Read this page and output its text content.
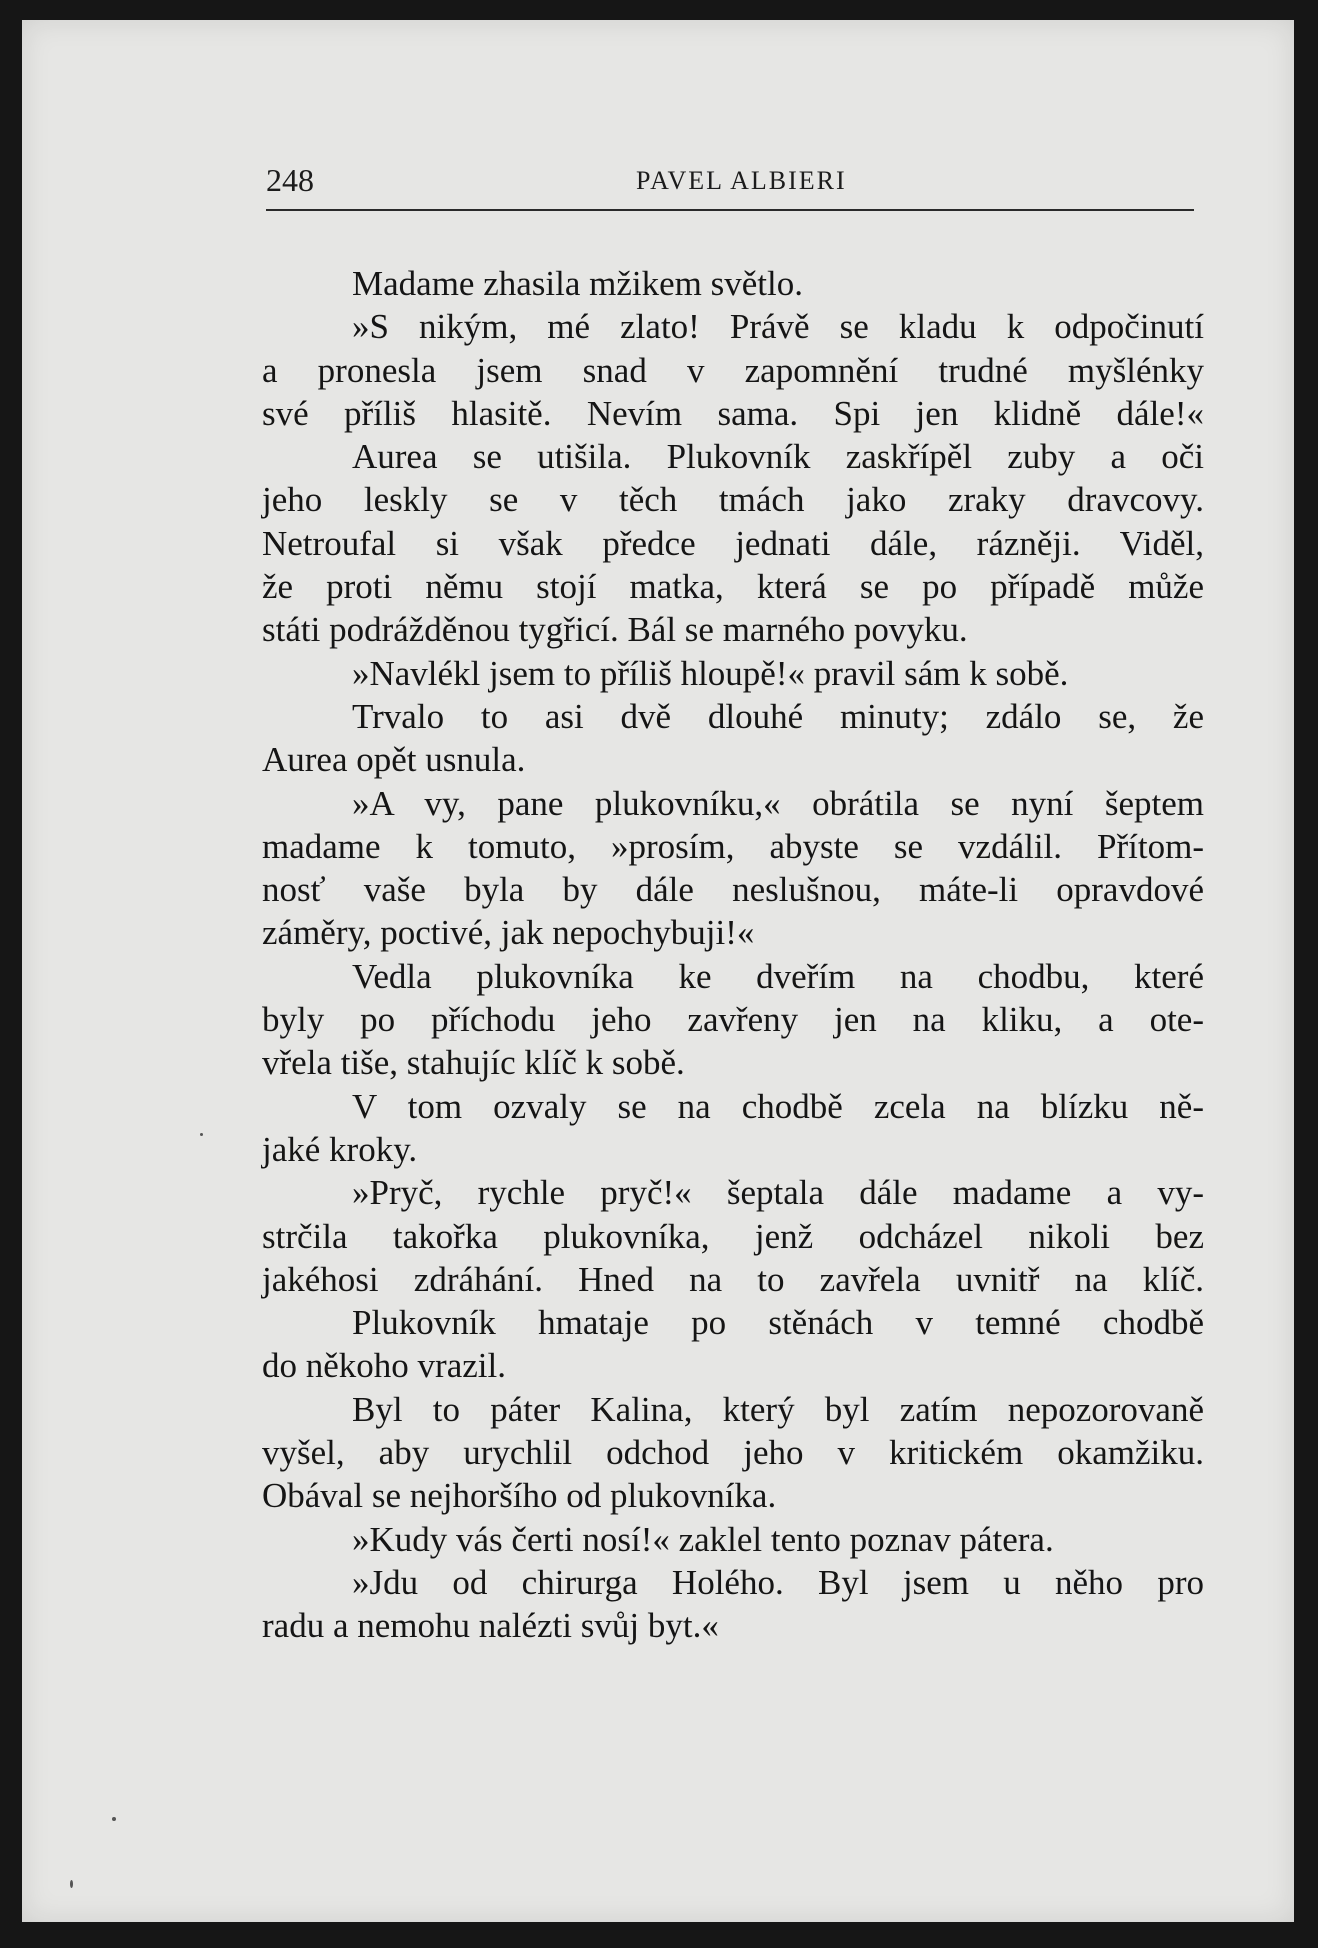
248	PAVEL ALBIERI
Madame zhasila mžikem světlo.
»S nikým, mé zlato! Právě se kladu k odpočinutí
a pronesla jsem snad v zapomnění trudné myšlénky
své příliš hlasitě. Nevím sama. Spi jen klidně dále!«
Aurea se utišila. Plukovník zaskřípěl zuby a oči
jeho leskly se v těch tmách jako zraky dravcovy.
Netroufal si však předce jednati dále, rázněji. Viděl,
že proti němu stojí matka, která se po případě může
státi podrážděnou tygřicí. Bál se marného povyku.
»Navlékl jsem to příliš hloupě!« pravil sám k sobě.
Trvalo to asi dvě dlouhé minuty; zdálo se, že
Aurea opět usnula.
»A vy, pane plukovníku,« obrátila se nyní šeptem
madame k tomuto, »prosím, abyste se vzdálil. Přítom-
nosť vaše byla by dále neslušnou, máte-li opravdové
záměry, poctivé, jak nepochybuji!«
Vedla plukovníka ke dveřím na chodbu, které
byly po příchodu jeho zavřeny jen na kliku, a ote-
vřela tiše, stahujíc klíč k sobě.
V tom ozvaly se na chodbě zcela na blízku ně-
jaké kroky.
»Pryč, rychle pryč!« šeptala dále madame a vy-
strčila takořka plukovníka, jenž odcházel nikoli bez
jakéhosi zdráhání. Hned na to zavřela uvnitř na klíč.
Plukovník hmataje po stěnách v temné chodbě
do někoho vrazil.
Byl to páter Kalina, který byl zatím nepozorovaně
vyšel, aby urychlil odchod jeho v kritickém okamžiku.
Obával se nejhoršího od plukovníka.
»Kudy vás čerti nosí!« zaklel tento poznav pátera.
»Jdu od chirurga Holého. Byl jsem u něho pro
radu a nemohu nalézti svůj byt.«
